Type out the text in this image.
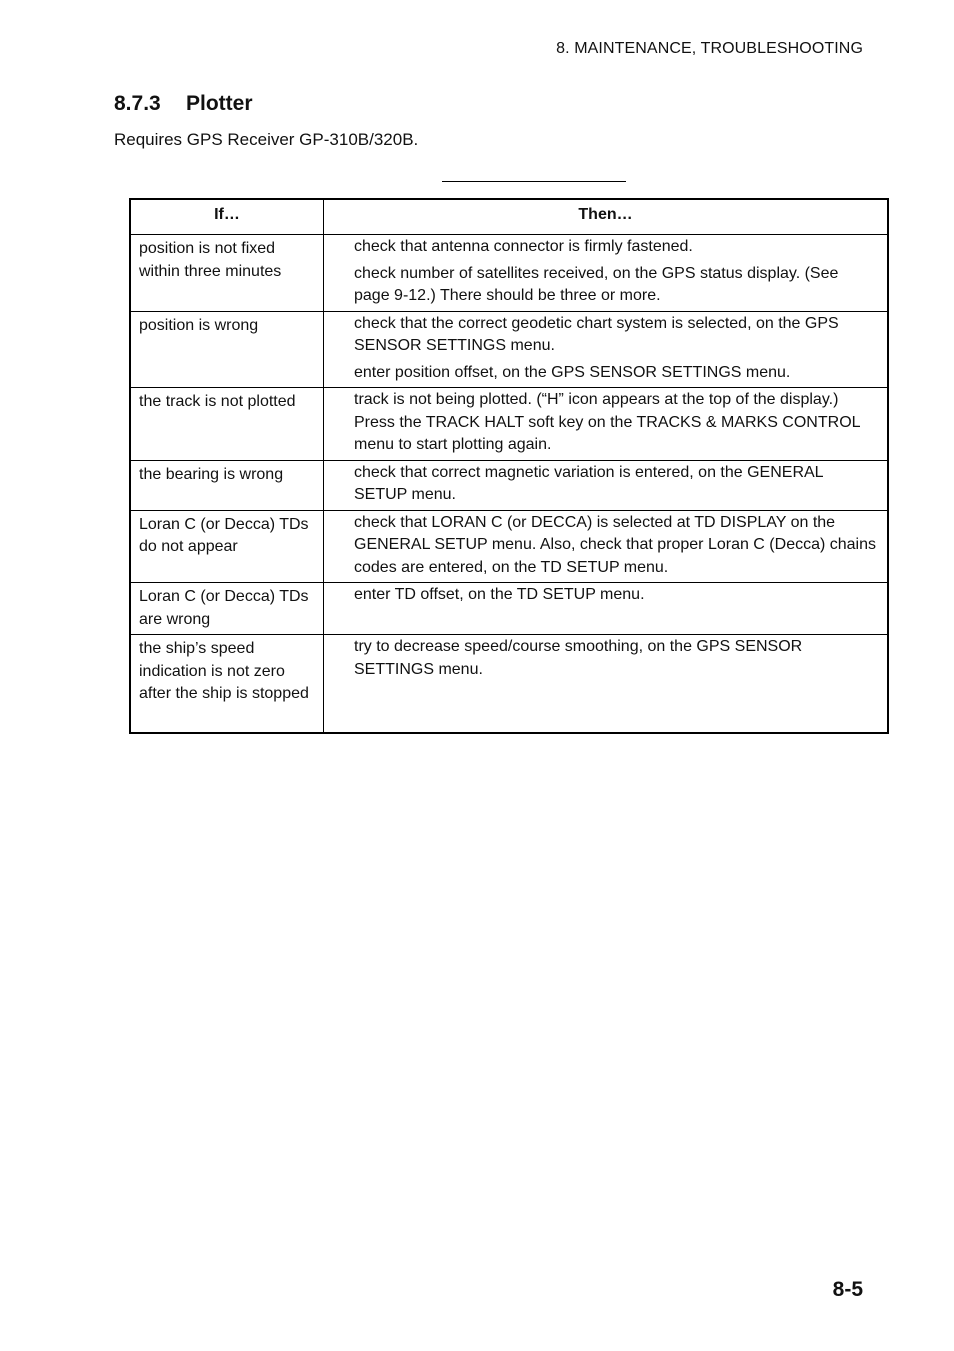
8. MAINTENANCE, TROUBLESHOOTING
8.7.3 Plotter
Requires GPS Receiver GP-310B/320B.
If…	Then…
position is not fixed within three minutes	check that antenna connector is firmly fastened.

check number of satellites received, on the GPS status display. (See page 9-12.) There should be three or more.

position is wrong	check that the correct geodetic chart system is selected, on the GPS SENSOR SETTINGS menu.

enter position offset, on the GPS SENSOR SETTINGS menu.

the track is not plotted	track is not being plotted. (“H” icon appears at the top of the display.) Press the TRACK HALT soft key on the TRACKS & MARKS CONTROL menu to start plotting again.

the bearing is wrong	check that correct magnetic variation is entered, on the GENERAL SETUP menu.

Loran C (or Decca) TDs do not appear	check that LORAN C (or DECCA) is selected at TD DISPLAY on the GENERAL SETUP menu. Also, check that proper Loran C (Decca) chains codes are entered, on the TD SETUP menu.

Loran C (or Decca) TDs are wrong	enter TD offset, on the TD SETUP menu.

the ship’s speed indication is not zero after the ship is stopped	try to decrease speed/course smoothing, on the GPS SENSOR SETTINGS menu.

8-5
